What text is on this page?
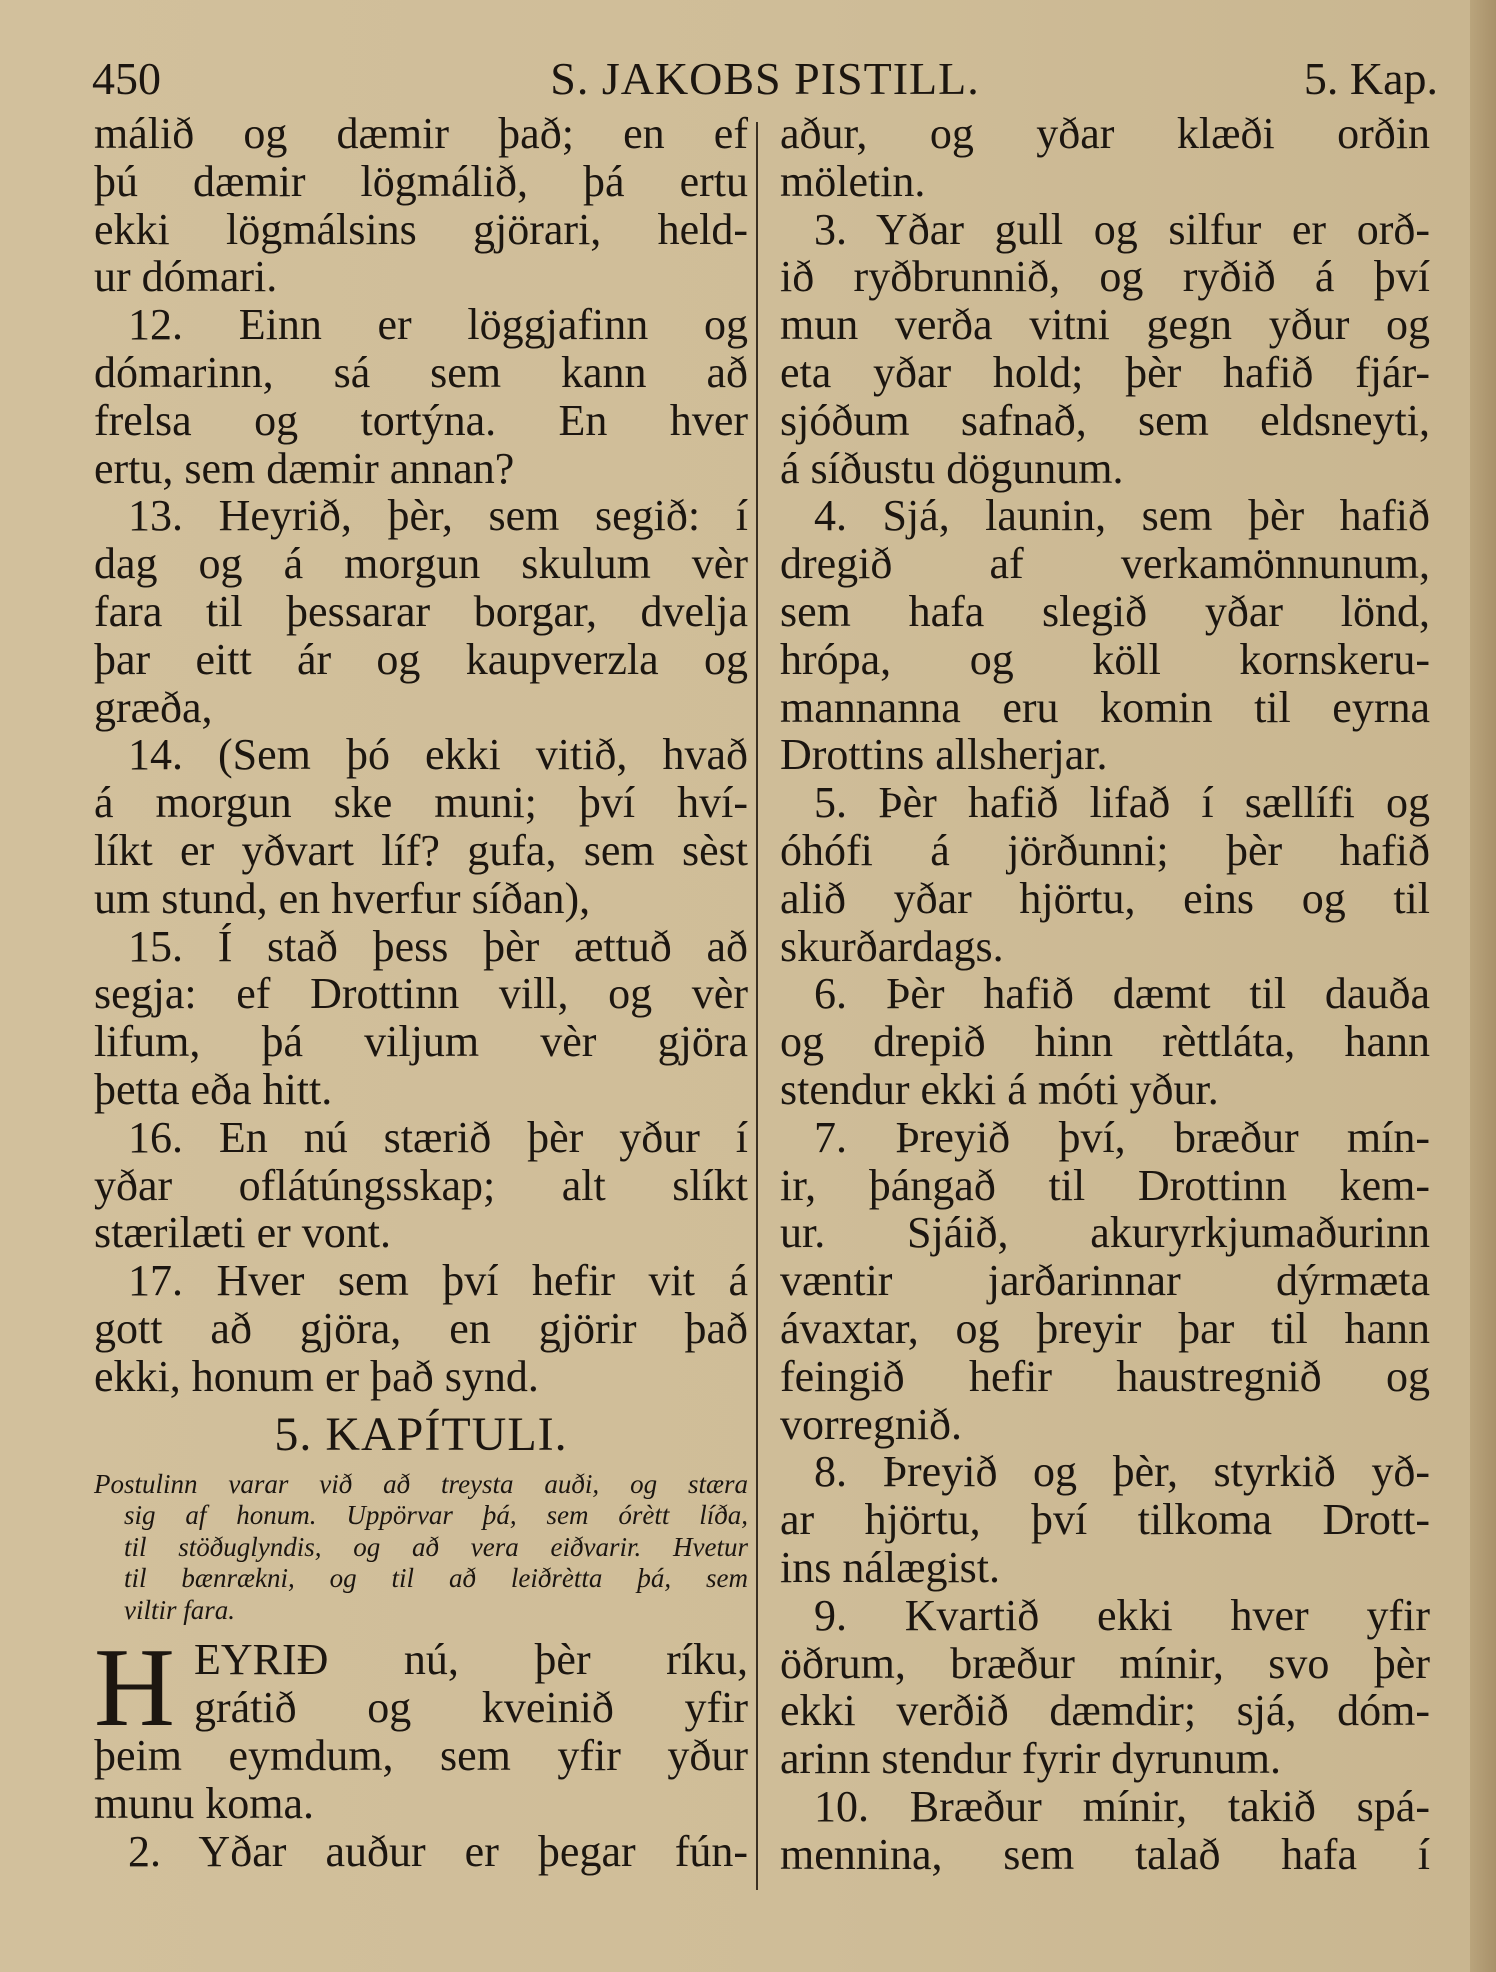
450	S. JAKOBS PISTILL.	5. Kap.
málið og dæmir það; en ef
þú dæmir lögmálið, þá ertu
ekki lögmálsins gjörari, held-
ur dómari.
12. Einn er löggjafinn og
dómarinn, sá sem kann að
frelsa og tortýna. En hver
ertu, sem dæmir annan?
13. Heyrið, þèr, sem segið: í
dag og á morgun skulum vèr
fara til þessarar borgar, dvelja
þar eitt ár og kaupverzla og
græða,
14. (Sem þó ekki vitið, hvað
á morgun ske muni; því hví-
líkt er yðvart líf? gufa, sem sèst
um stund, en hverfur síðan),
15. Í stað þess þèr ættuð að
segja: ef Drottinn vill, og vèr
lifum, þá viljum vèr gjöra
þetta eða hitt.
16. En nú stærið þèr yður í
yðar oflátúngsskap; alt slíkt
stærilæti er vont.
17. Hver sem því hefir vit á
gott að gjöra, en gjörir það
ekki, honum er það synd.
5. KAPÍTULI.
Postulinn varar við að treysta auði, og stæra
sig af honum. Uppörvar þá, sem órètt líða,
til stöðuglyndis, og að vera eiðvarir. Hvetur
til bænrækni, og til að leiðrètta þá, sem
viltir fara.
H EYRIÐ nú, þèr ríku,
grátið og kveinið yfir
þeim eymdum, sem yfir yður
munu koma.
2. Yðar auður er þegar fún-
aður, og yðar klæði orðin
möletin.
3. Yðar gull og silfur er orð-
ið ryðbrunnið, og ryðið á því
mun verða vitni gegn yður og
eta yðar hold; þèr hafið fjár-
sjóðum safnað, sem eldsneyti,
á síðustu dögunum.
4. Sjá, launin, sem þèr hafið
dregið af verkamönnunum,
sem hafa slegið yðar lönd,
hrópa, og köll kornskeru-
mannanna eru komin til eyrna
Drottins allsherjar.
5. Þèr hafið lifað í sællífi og
óhófi á jörðunni; þèr hafið
alið yðar hjörtu, eins og til
skurðardags.
6. Þèr hafið dæmt til dauða
og drepið hinn rèttláta, hann
stendur ekki á móti yður.
7. Þreyið því, bræður mín-
ir, þángað til Drottinn kem-
ur. Sjáið, akuryrkjumaðurinn
væntir jarðarinnar dýrmæta
ávaxtar, og þreyir þar til hann
feingið hefir haustregnið og
vorregnið.
8. Þreyið og þèr, styrkið yð-
ar hjörtu, því tilkoma Drott-
ins nálægist.
9. Kvartið ekki hver yfir
öðrum, bræður mínir, svo þèr
ekki verðið dæmdir; sjá, dóm-
arinn stendur fyrir dyrunum.
10. Bræður mínir, takið spá-
mennina, sem talað hafa í
